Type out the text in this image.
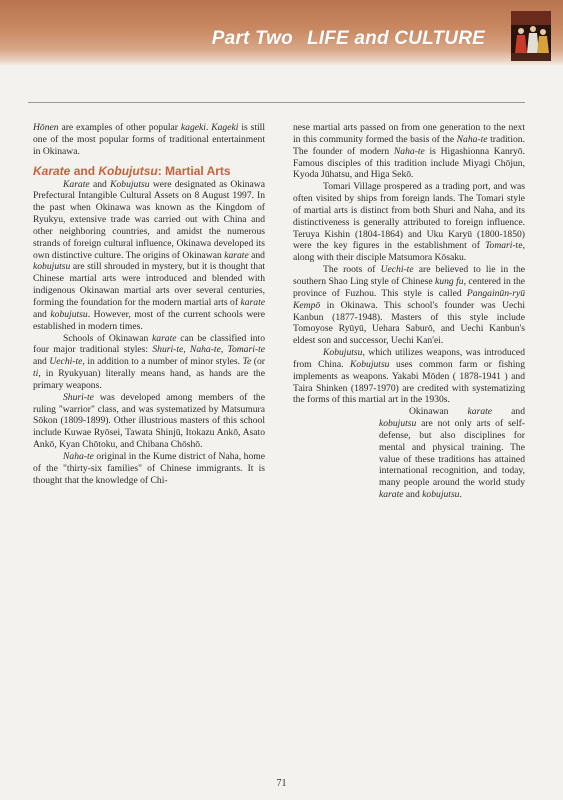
Part Two LIFE and CULTURE

Hōnen are examples of other popular kageki. Kageki is still one of the most popular forms of traditional entertainment in Okinawa.

Karate and Kobujutsu: Martial Arts

Karate and Kobujutsu were designated as Okinawa Prefectural Intangible Cultural Assets on 8 August 1997. In the past when Okinawa was known as the Kingdom of Ryukyu, extensive trade was carried out with China and other neighboring countries, and amidst the numerous strands of foreign cultural influence, Okinawa developed its own distinctive culture. The origins of Okinawan karate and kobujutsu are still shrouded in mystery, but it is thought that Chinese martial arts were introduced and blended with indigenous Okinawan martial arts over several centuries, forming the foundation for the modern martial arts of karate and kobujutsu. However, most of the current schools were established in modern times.

Schools of Okinawan karate can be classified into four major traditional styles: Shuri-te, Naha-te, Tomari-te and Uechi-te, in addition to a number of minor styles. Te (or ti, in Ryukyuan) literally means hand, as hands are the primary weapons.

Shuri-te was developed among members of the ruling "warrior" class, and was systematized by Matsumura Sōkon (1809-1899). Other illustrious masters of this school include Kuwae Ryōsei, Tawata Shinjū, Itokazu Ankō, Asato Ankō, Kyan Chōtoku, and Chibana Chōshō.

Naha-te original in the Kume district of Naha, home of the "thirty-six families" of Chinese immigrants. It is thought that the knowledge of Chi-

nese martial arts passed on from one generation to the next in this community formed the basis of the Naha-te tradition. The founder of modern Naha-te is Higashionna Kanryō. Famous disciples of this tradition include Miyagi Chōjun, Kyoda Jūhatsu, and Higa Sekō.

Tomari Village prospered as a trading port, and was often visited by ships from foreign lands. The Tomari style of martial arts is distinct from both Shuri and Naha, and its distinctiveness is generally attributed to foreign influence. Teruya Kishin (1804-1864) and Uku Karyū (1800-1850) were the key figures in the establishment of Tomari-te, along with their disciple Matsumora Kōsaku.

The roots of Uechi-te are believed to lie in the southern Shao Ling style of Chinese kung fu, centered in the province of Fuzhou. This style is called Pangainūn-ryū Kempō in Okinawa. This school's founder was Uechi Kanbun (1877-1948). Masters of this style include Tomoyose Ryūyū, Uehara Saburō, and Uechi Kanbun's eldest son and successor, Uechi Kan'ei.

Kobujutsu, which utilizes weapons, was introduced from China. Kobujutsu uses common farm or fishing implements as weapons. Yakabi Mōden ( 1878-1941 ) and Taira Shinken (1897-1970) are credited with systematizing the forms of this martial art in the 1930s.

Okinawan karate and kobujutsu are not only arts of self-defense, but also disciplines for mental and physical training. The value of these traditions has attained international recognition, and today, many people around the world study karate and kobujutsu.

71
